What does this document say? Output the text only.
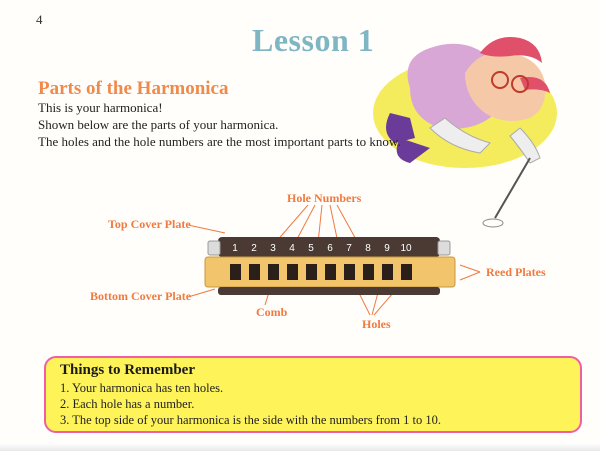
4
Lesson 1
Parts of the Harmonica
This is your harmonica!
Shown below are the parts of your harmonica.
The holes and the hole numbers are the most important parts to know.
1 2 3 4 5 6 7 8 9 10
Hole Numbers
Top Cover Plate
Reed Plates
Bottom Cover Plate
Comb
Holes
Things to Remember
1. Your harmonica has ten holes.
2. Each hole has a number.
3. The top side of your harmonica is the side with the numbers from 1 to 10.
